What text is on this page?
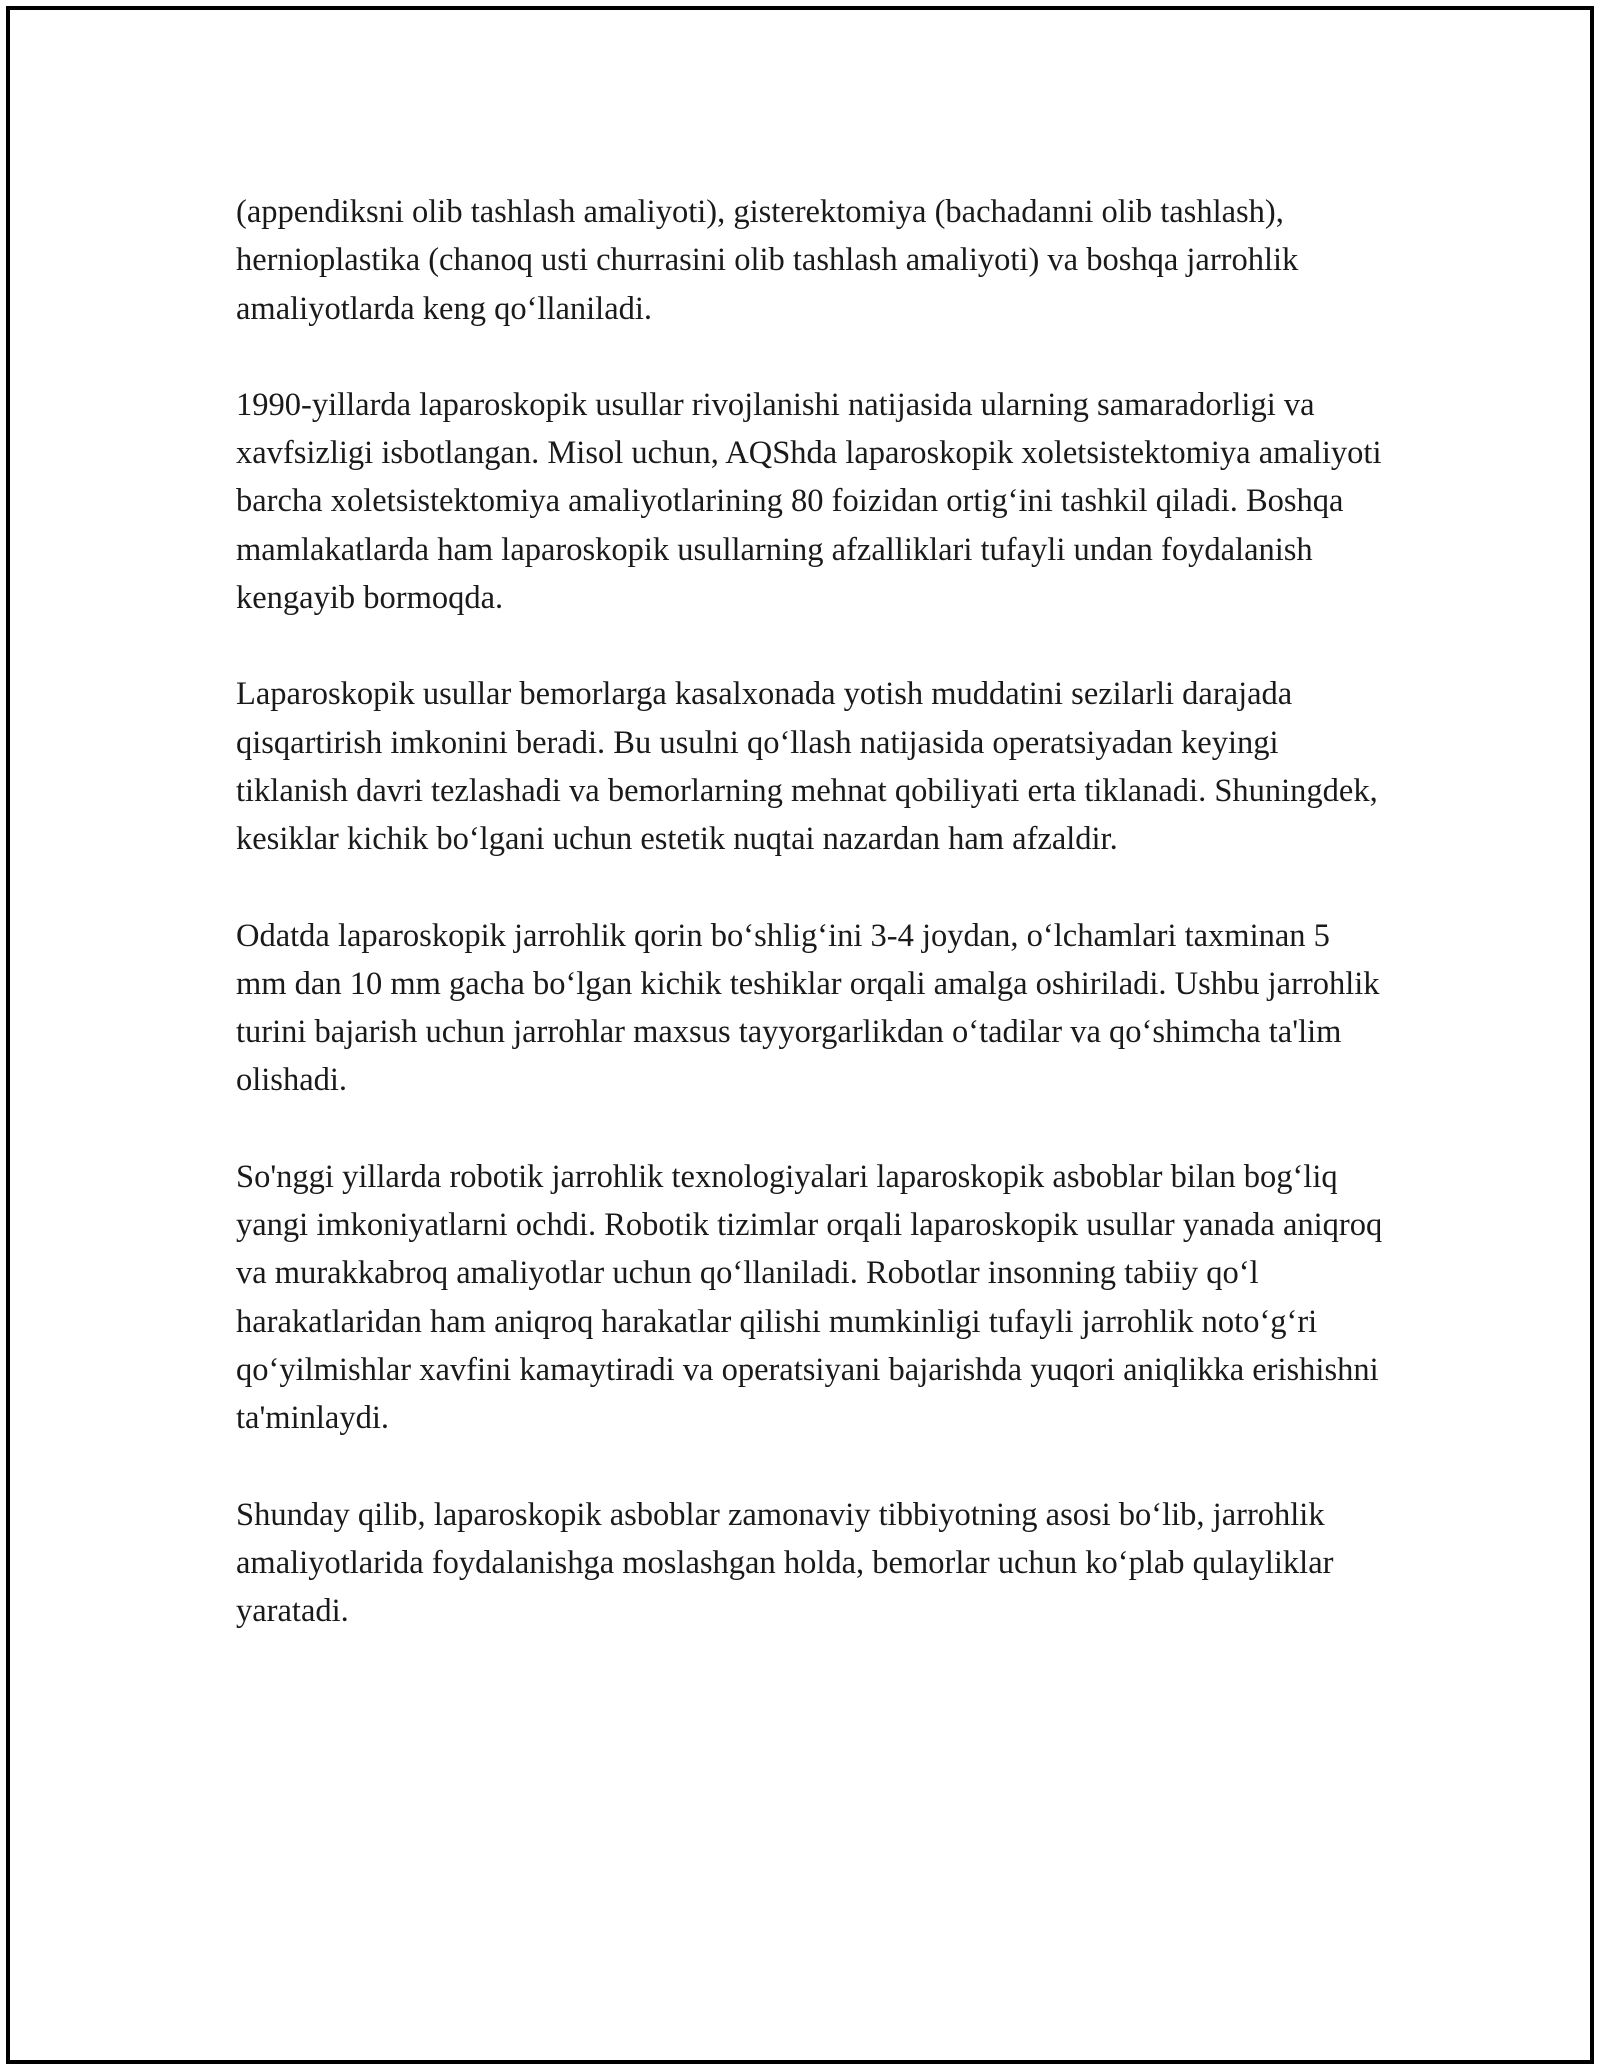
(appendiksni olib tashlash amaliyoti), gisterektomiya (bachadanni olib tashlash), hernioplastika (chanoq usti churrasini olib tashlash amaliyoti) va boshqa jarrohlik amaliyotlarda keng qo‘llaniladi.

1990-yillarda laparoskopik usullar rivojlanishi natijasida ularning samaradorligi va xavfsizligi isbotlangan. Misol uchun, AQShda laparoskopik xoletsistektomiya amaliyoti barcha xoletsistektomiya amaliyotlarining 80 foizidan ortig‘ini tashkil qiladi. Boshqa mamlakatlarda ham laparoskopik usullarning afzalliklari tufayli undan foydalanish kengayib bormoqda.

Laparoskopik usullar bemorlarga kasalxonada yotish muddatini sezilarli darajada qisqartirish imkonini beradi. Bu usulni qo‘llash natijasida operatsiyadan keyingi tiklanish davri tezlashadi va bemorlarning mehnat qobiliyati erta tiklanadi. Shuningdek, kesiklar kichik bo‘lgani uchun estetik nuqtai nazardan ham afzaldir.

Odatda laparoskopik jarrohlik qorin bo‘shlig‘ini 3-4 joydan, o‘lchamlari taxminan 5 mm dan 10 mm gacha bo‘lgan kichik teshiklar orqali amalga oshiriladi. Ushbu jarrohlik turini bajarish uchun jarrohlar maxsus tayyorgarlikdan o‘tadilar va qo‘shimcha ta'lim olishadi.

So'nggi yillarda robotik jarrohlik texnologiyalari laparoskopik asboblar bilan bog‘liq yangi imkoniyatlarni ochdi. Robotik tizimlar orqali laparoskopik usullar yanada aniqroq va murakkabroq amaliyotlar uchun qo‘llaniladi. Robotlar insonning tabiiy qo‘l harakatlaridan ham aniqroq harakatlar qilishi mumkinligi tufayli jarrohlik noto‘g‘ri qo‘yilmishlar xavfini kamaytiradi va operatsiyani bajarishda yuqori aniqlikka erishishni ta'minlaydi.

Shunday qilib, laparoskopik asboblar zamonaviy tibbiyotning asosi bo‘lib, jarrohlik amaliyotlarida foydalanishga moslashgan holda, bemorlar uchun ko‘plab qulayliklar yaratadi.
